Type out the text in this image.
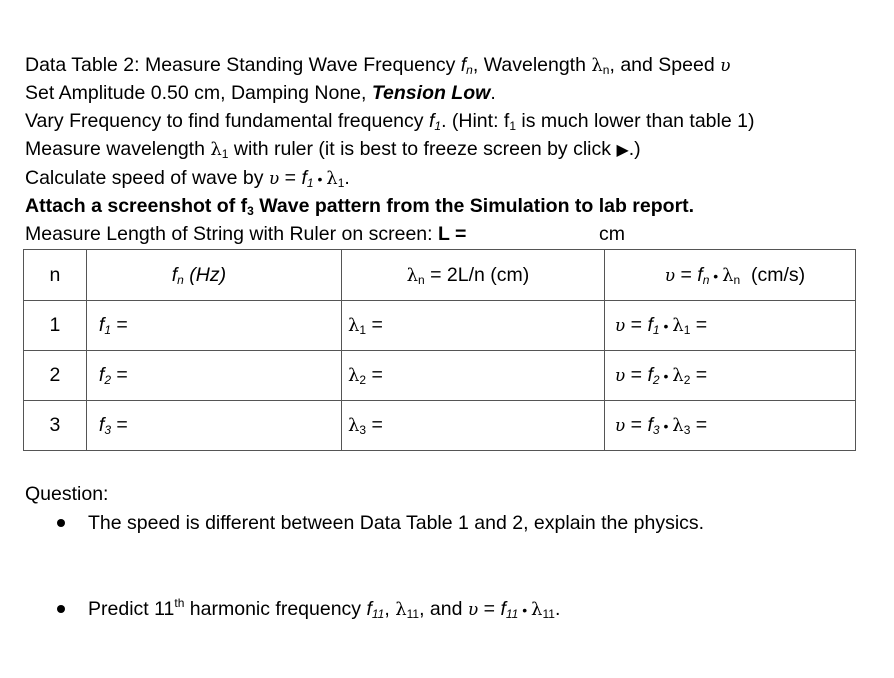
Data Table 2: Measure Standing Wave Frequency $f_n$, Wavelength $\lambda_n$, and Speed υ
Set Amplitude 0.50 cm, Damping None, Tension Low.
Vary Frequency to find fundamental frequency $f_1$. (Hint: $f_1$ is much lower than table 1)
Measure wavelength $\lambda_1$ with ruler (it is best to freeze screen by click ▶.)
Calculate speed of wave by $\upsilon = f_1$ • $\lambda_1$.
Attach a screenshot of $f_3$ Wave pattern from the Simulation to lab report.
Measure Length of String with Ruler on screen: L =	cm
n	$f_n$ (Hz)	$\lambda_n = 2L/n$ (cm)	$\upsilon = f_n$ • $\lambda_n$  (cm/s)
1	$f_1$ =	$\lambda_1$ =	$\upsilon = f_1$ • $\lambda_1$ =
2	$f_2$ =	$\lambda_2$ =	$\upsilon = f_2$ • $\lambda_2$ =
3	$f_3$ =	$\lambda_3$ =	$\upsilon = f_3$ • $\lambda_3$ =
Question:
The speed is different between Data Table 1 and 2, explain the physics.
Predict 11th harmonic frequency $f_{11}$, $\lambda_{11}$, and $\upsilon = f_{11}$ • $\lambda_{11}$.
